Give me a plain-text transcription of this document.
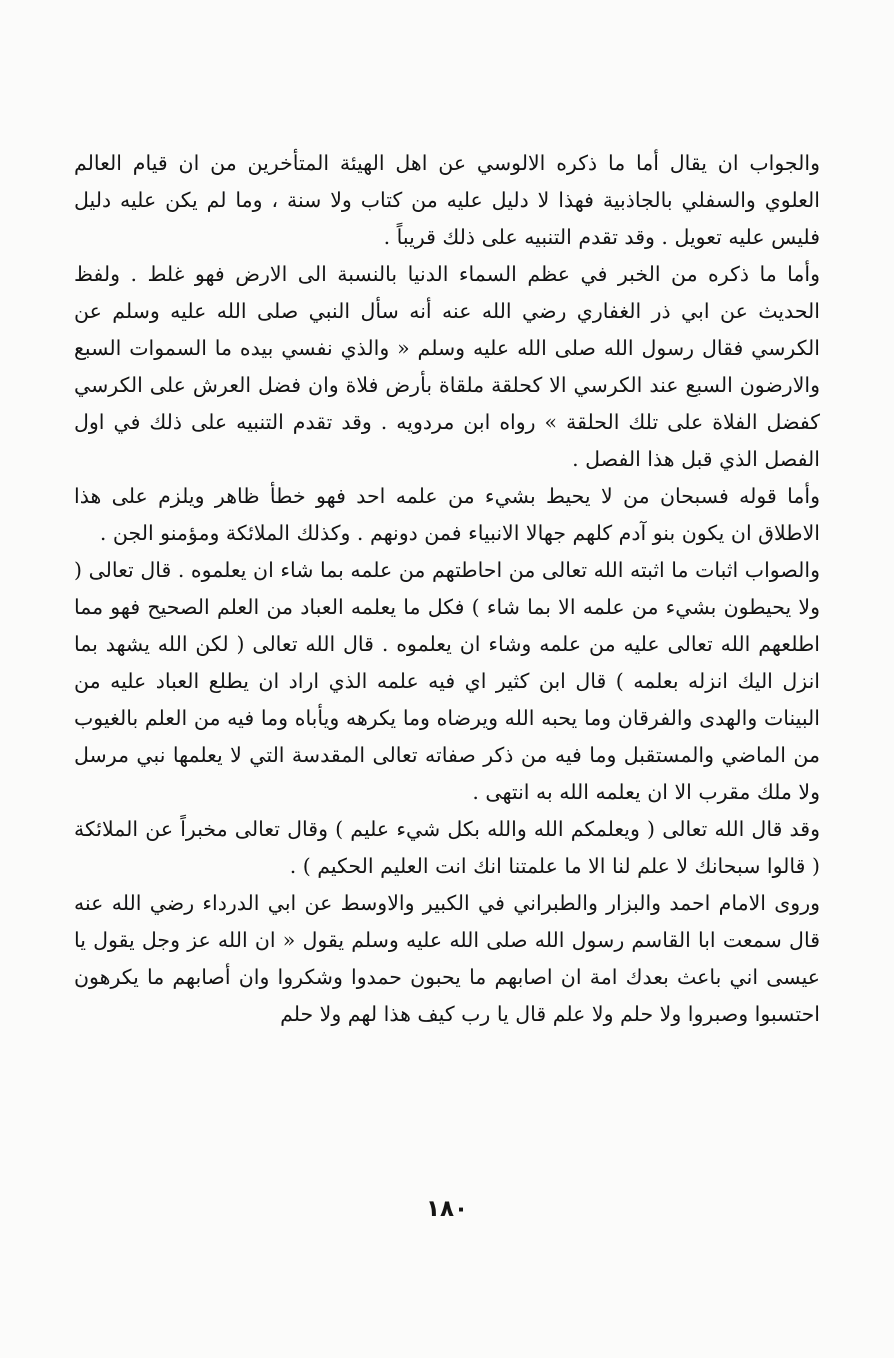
والجواب ان يقال أما ما ذكره الالوسي عن اهل الهيئة المتأخرين من ان قيام العالم العلوي والسفلي بالجاذبية فهذا لا دليل عليه من كتاب ولا سنة ، وما لم يكن عليه دليل فليس عليه تعويل . وقد تقدم التنبيه على ذلك قريباً .

وأما ما ذكره من الخبر في عظم السماء الدنيا بالنسبة الى الارض فهو غلط . ولفظ الحديث عن ابي ذر الغفاري رضي الله عنه أنه سأل النبي صلى الله عليه وسلم عن الكرسي فقال رسول الله صلى الله عليه وسلم « والذي نفسي بيده ما السموات السبع والارضون السبع عند الكرسي الا كحلقة ملقاة بأرض فلاة وان فضل العرش على الكرسي كفضل الفلاة على تلك الحلقة » رواه ابن مردويه . وقد تقدم التنبيه على ذلك في اول الفصل الذي قبل هذا الفصل .

وأما قوله فسبحان من لا يحيط بشيء من علمه احد فهو خطأ ظاهر ويلزم على هذا الاطلاق ان يكون بنو آدم كلهم جهالا الانبياء فمن دونهم . وكذلك الملائكة ومؤمنو الجن .

والصواب اثبات ما اثبته الله تعالى من احاطتهم من علمه بما شاء ان يعلموه . قال تعالى ( ولا يحيطون بشيء من علمه الا بما شاء ) فكل ما يعلمه العباد من العلم الصحيح فهو مما اطلعهم الله تعالى عليه من علمه وشاء ان يعلموه . قال الله تعالى ( لكن الله يشهد بما انزل اليك انزله بعلمه ) قال ابن كثير اي فيه علمه الذي اراد ان يطلع العباد عليه من البينات والهدى والفرقان وما يحبه الله ويرضاه وما يكرهه ويأباه وما فيه من العلم بالغيوب من الماضي والمستقبل وما فيه من ذكر صفاته تعالى المقدسة التي لا يعلمها نبي مرسل ولا ملك مقرب الا ان يعلمه الله به انتهى .

وقد قال الله تعالى ( ويعلمكم الله والله بكل شيء عليم ) وقال تعالى مخبراً عن الملائكة ( قالوا سبحانك لا علم لنا الا ما علمتنا انك انت العليم الحكيم ) .

وروى الامام احمد والبزار والطبراني في الكبير والاوسط عن ابي الدرداء رضي الله عنه قال سمعت ابا القاسم رسول الله صلى الله عليه وسلم يقول « ان الله عز وجل يقول يا عيسى اني باعث بعدك امة ان اصابهم ما يحبون حمدوا وشكروا وان أصابهم ما يكرهون احتسبوا وصبروا ولا حلم ولا علم قال يا رب كيف هذا لهم ولا حلم

١٨٠
